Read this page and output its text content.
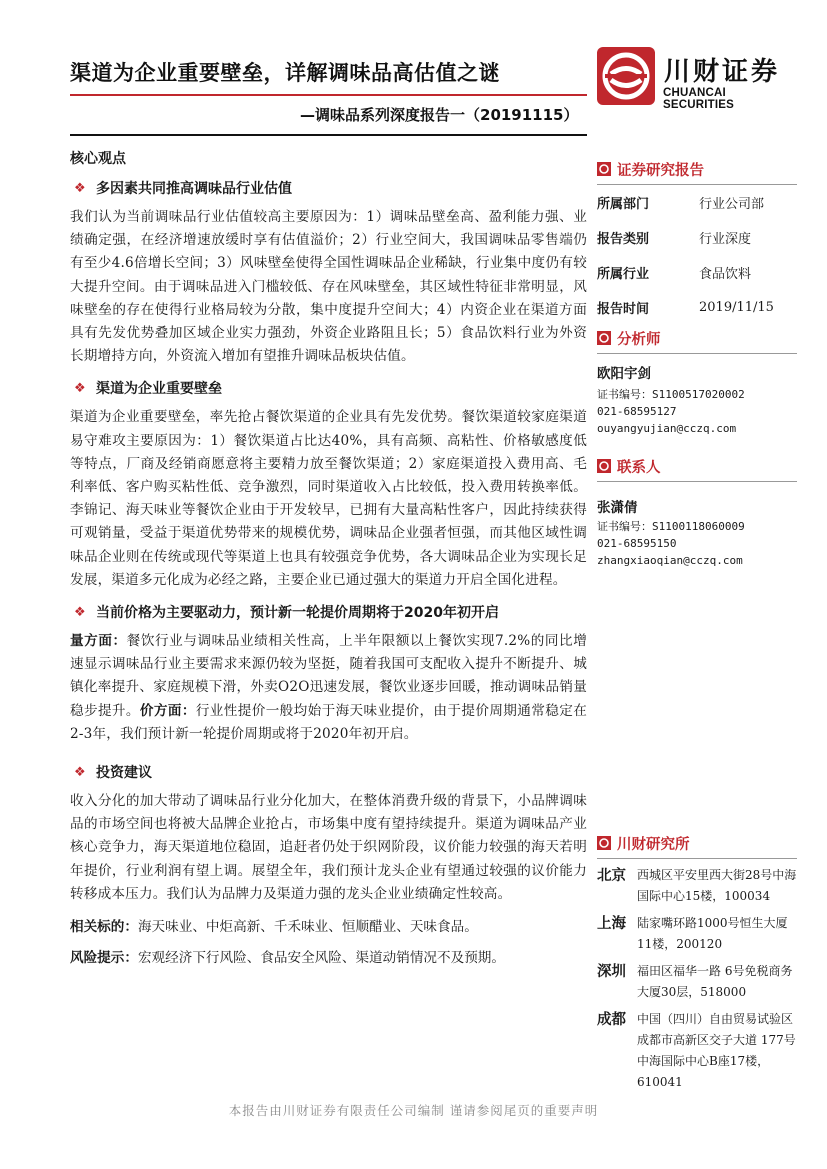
渠道为企业重要壁垒，详解调味品高估值之谜
—调味品系列深度报告一（20191115）
川财证券
CHUANCAI SECURITIES
核心观点
❖ 多因素共同推高调味品行业估值

我们认为当前调味品行业估值较高主要原因为：1）调味品壁垒高、盈利能力强、业绩确定强，在经济增速放缓时享有估值溢价；2）行业空间大，我国调味品零售端仍有至少4.6倍增长空间；3）风味壁垒使得全国性调味品企业稀缺，行业集中度仍有较大提升空间。由于调味品进入门槛较低、存在风味壁垒，其区域性特征非常明显，风味壁垒的存在使得行业格局较为分散，集中度提升空间大；4）内资企业在渠道方面具有先发优势叠加区域企业实力强劲，外资企业路阻且长；5）食品饮料行业为外资长期增持方向，外资流入增加有望推升调味品板块估值。

❖ 渠道为企业重要壁垒

渠道为企业重要壁垒，率先抢占餐饮渠道的企业具有先发优势。餐饮渠道较家庭渠道易守难攻主要原因为：1）餐饮渠道占比达40%，具有高频、高粘性、价格敏感度低等特点，厂商及经销商愿意将主要精力放至餐饮渠道；2）家庭渠道投入费用高、毛利率低、客户购买粘性低、竞争激烈，同时渠道收入占比较低，投入费用转换率低。李锦记、海天味业等餐饮企业由于开发较早，已拥有大量高粘性客户，因此持续获得可观销量，受益于渠道优势带来的规模优势，调味品企业强者恒强，而其他区域性调味品企业则在传统或现代等渠道上也具有较强竞争优势，各大调味品企业为实现长足发展，渠道多元化成为必经之路，主要企业已通过强大的渠道力开启全国化进程。

❖ 当前价格为主要驱动力，预计新一轮提价周期将于2020年初开启

量方面：餐饮行业与调味品业绩相关性高，上半年限额以上餐饮实现7.2%的同比增速显示调味品行业主要需求来源仍较为坚挺，随着我国可支配收入提升不断提升、城镇化率提升、家庭规模下滑，外卖O2O迅速发展，餐饮业逐步回暖，推动调味品销量稳步提升。价方面：行业性提价一般均始于海天味业提价，由于提价周期通常稳定在2-3年，我们预计新一轮提价周期或将于2020年初开启。

❖ 投资建议

收入分化的加大带动了调味品行业分化加大，在整体消费升级的背景下，小品牌调味品的市场空间也将被大品牌企业抢占，市场集中度有望持续提升。渠道为调味品产业核心竞争力，海天渠道地位稳固，追赶者仍处于织网阶段，议价能力较强的海天若明年提价，行业利润有望上调。展望全年，我们预计龙头企业有望通过较强的议价能力转移成本压力。我们认为品牌力及渠道力强的龙头企业业绩确定性较高。

相关标的：海天味业、中炬高新、千禾味业、恒顺醋业、天味食品。
风险提示：宏观经济下行风险、食品安全风险、渠道动销情况不及预期。
证券研究报告
所属部门	行业公司部
报告类别	行业深度
所属行业	食品饮料
报告时间	2019/11/15
分析师
欧阳宇剑
证书编号：S1100517020002
021-68595127
ouyangyujian@cczq.com
联系人
张潇倩
证书编号：S1100118060009
021-68595150
zhangxiaoqian@cczq.com
川财研究所
北京 西城区平安里西大街28号中海国际中心15楼，100034
上海 陆家嘴环路1000号恒生大厦11楼，200120
深圳 福田区福华一路 6号免税商务大厦30层，518000
成都 中国（四川）自由贸易试验区成都市高新区交子大道 177号中海国际中心B座17楼，610041
本报告由川财证券有限责任公司编制 谨请参阅尾页的重要声明
